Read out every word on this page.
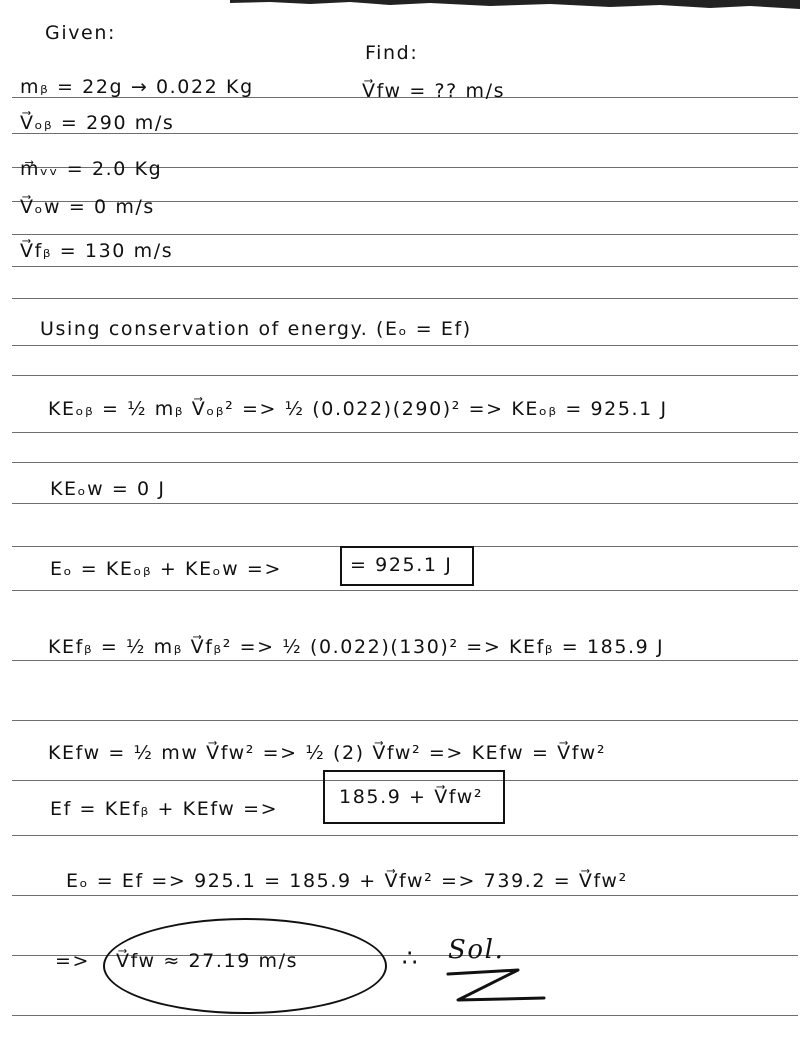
Given:
mᵦ = 22g → 0.022 Kg
V⃗ₒᵦ = 290 m/s
m⃗ᵥᵥ = 2.0 Kg
V⃗ₒw = 0 m/s
V⃗fᵦ = 130 m/s
Find:
V⃗fw = ?? m/s
Using conservation of energy. (Eₒ = Ef)
KEₒᵦ = ½ mᵦ V⃗ₒᵦ² => ½ (0.022)(290)² => KEₒᵦ = 925.1 J
KEₒw = 0 J
Eₒ = KEₒᵦ + KEₒw =>	= 925.1 J
KEfᵦ = ½ mᵦ V⃗fᵦ² => ½ (0.022)(130)² => KEfᵦ = 185.9 J
KEfw = ½ mw V⃗fw² => ½ (2) V⃗fw² => KEfw = V⃗fw²
Ef = KEfᵦ + KEfw =>
185.9 + V⃗fw²
Eₒ = Ef => 925.1 = 185.9 + V⃗fw² => 739.2 = V⃗fw²
=> V⃗fw ≈ 27.19 m/s	∴ Sol.
